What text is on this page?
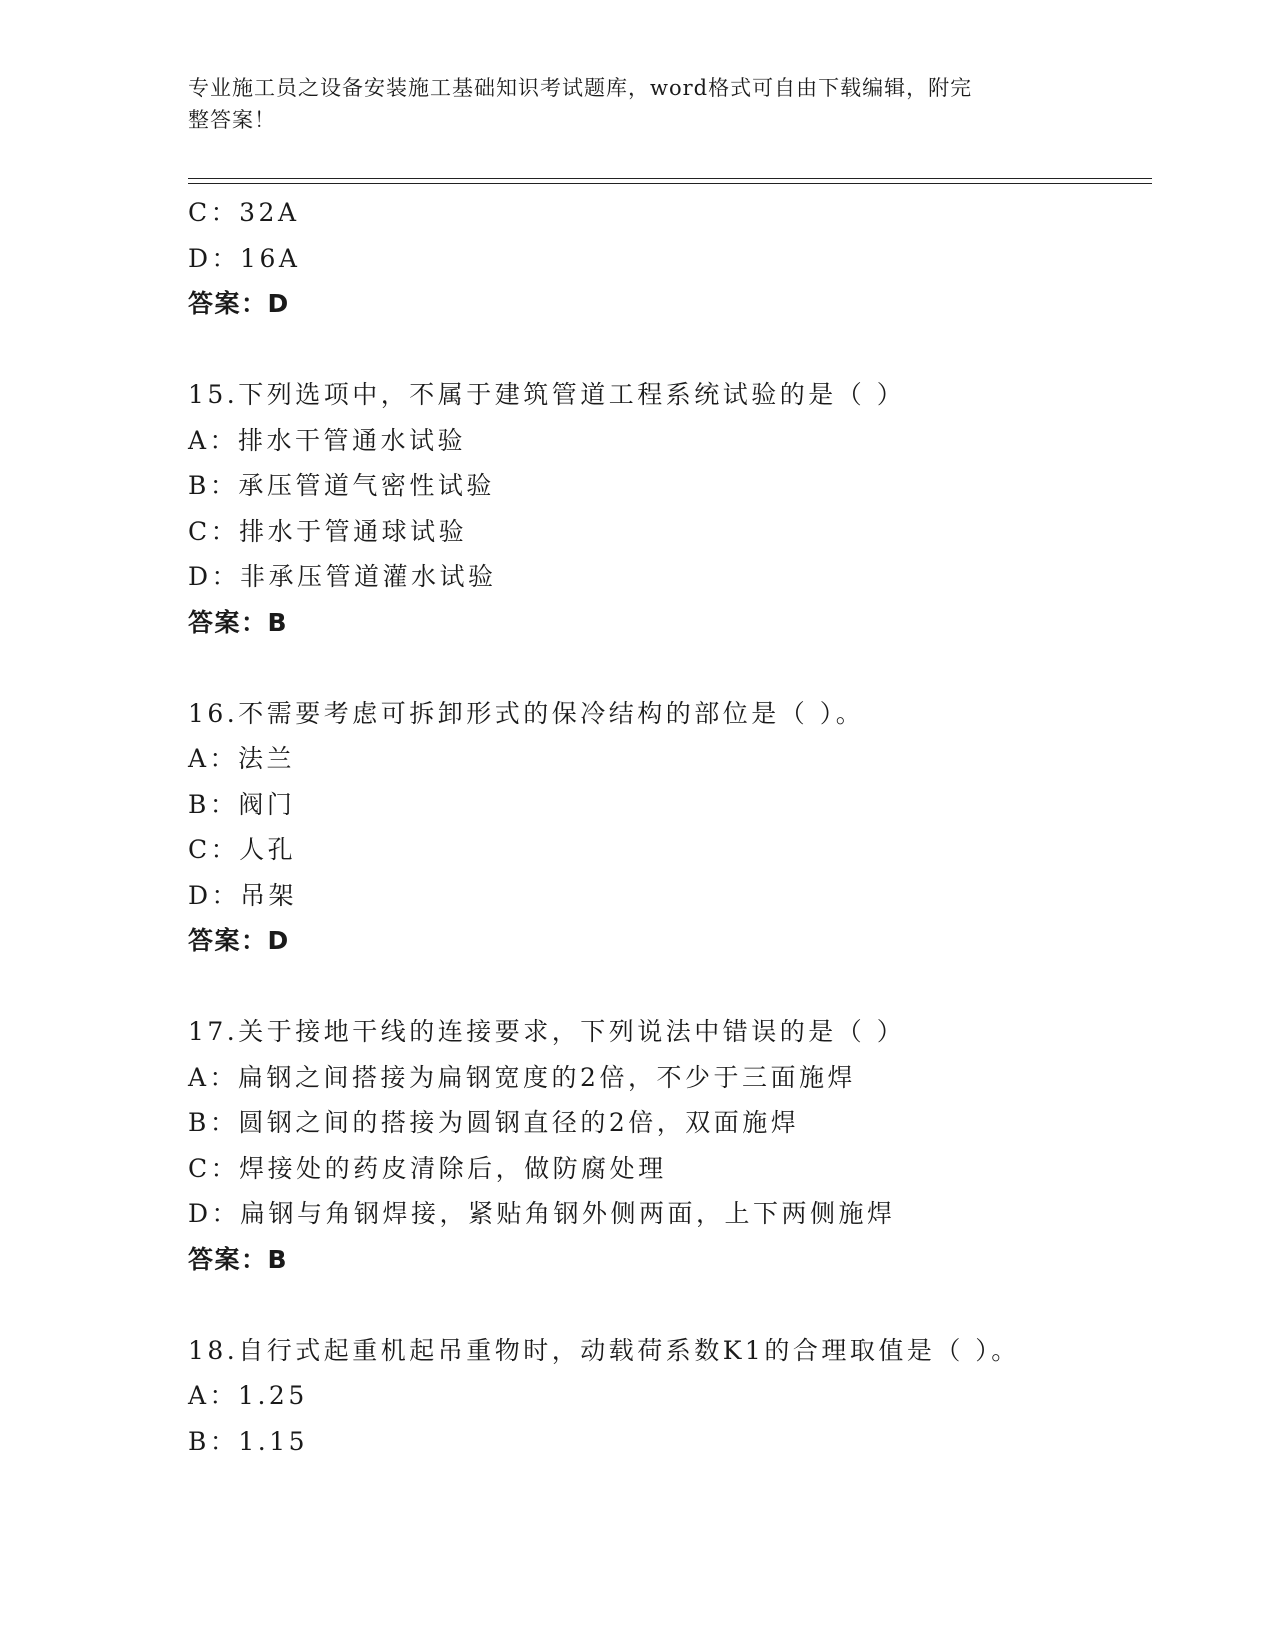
专业施工员之设备安装施工基础知识考试题库，word格式可自由下载编辑，附完
整答案！
C：32A
D：16A
答案：D
15.下列选项中，不属于建筑管道工程系统试验的是（ ）
A：排水干管通水试验
B：承压管道气密性试验
C：排水于管通球试验
D：非承压管道灌水试验
答案：B
16.不需要考虑可拆卸形式的保冷结构的部位是（ ）。
A：法兰
B：阀门
C：人孔
D：吊架
答案：D
17.关于接地干线的连接要求，下列说法中错误的是（ ）
A：扁钢之间搭接为扁钢宽度的2倍，不少于三面施焊
B：圆钢之间的搭接为圆钢直径的2倍，双面施焊
C：焊接处的药皮清除后，做防腐处理
D：扁钢与角钢焊接，紧贴角钢外侧两面，上下两侧施焊
答案：B
18.自行式起重机起吊重物时，动载荷系数K1的合理取值是（ ）。
A：1.25
B：1.15
